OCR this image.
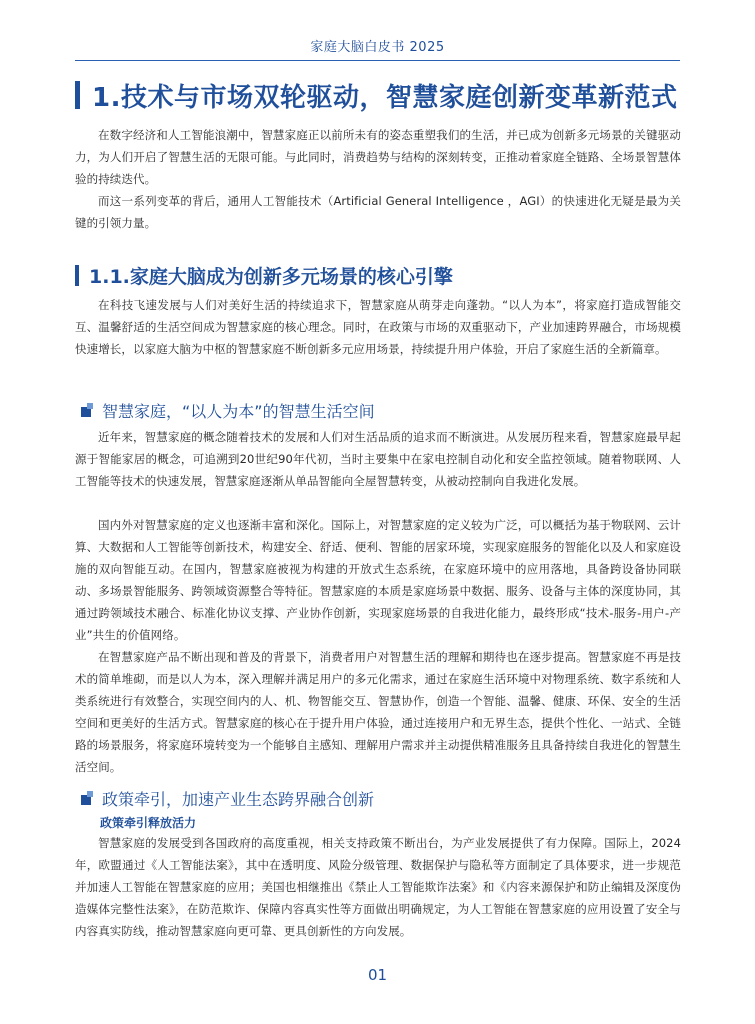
家庭大脑白皮书 2025
1.技术与市场双轮驱动，智慧家庭创新变革新范式

在数字经济和人工智能浪潮中，智慧家庭正以前所未有的姿态重塑我们的生活，并已成为创新多元场景的关键驱动力，为人们开启了智慧生活的无限可能。与此同时，消费趋势与结构的深刻转变，正推动着家庭全链路、全场景智慧体验的持续迭代。

而这一系列变革的背后，通用人工智能技术（Artificial General Intelligence ，AGI）的快速进化无疑是最为关键的引领力量。

1.1.家庭大脑成为创新多元场景的核心引擎

在科技飞速发展与人们对美好生活的持续追求下，智慧家庭从萌芽走向蓬勃。“以人为本”，将家庭打造成智能交互、温馨舒适的生活空间成为智慧家庭的核心理念。同时，在政策与市场的双重驱动下，产业加速跨界融合，市场规模快速增长，以家庭大脑为中枢的智慧家庭不断创新多元应用场景，持续提升用户体验，开启了家庭生活的全新篇章。

智慧家庭，“以人为本”的智慧生活空间

近年来，智慧家庭的概念随着技术的发展和人们对生活品质的追求而不断演进。从发展历程来看，智慧家庭最早起源于智能家居的概念，可追溯到20世纪90年代初，当时主要集中在家电控制自动化和安全监控领域。随着物联网、人工智能等技术的快速发展，智慧家庭逐渐从单品智能向全屋智慧转变，从被动控制向自我进化发展。

国内外对智慧家庭的定义也逐渐丰富和深化。国际上，对智慧家庭的定义较为广泛，可以概括为基于物联网、云计算、大数据和人工智能等创新技术，构建安全、舒适、便利、智能的居家环境，实现家庭服务的智能化以及人和家庭设施的双向智能互动。在国内，智慧家庭被视为构建的开放式生态系统，在家庭环境中的应用落地，具备跨设备协同联动、多场景智能服务、跨领域资源整合等特征。智慧家庭的本质是家庭场景中数据、服务、设备与主体的深度协同，其通过跨领域技术融合、标准化协议支撑、产业协作创新，实现家庭场景的自我进化能力，最终形成“技术-服务-用户-产业”共生的价值网络。

在智慧家庭产品不断出现和普及的背景下，消费者用户对智慧生活的理解和期待也在逐步提高。智慧家庭不再是技术的简单堆砌，而是以人为本，深入理解并满足用户的多元化需求，通过在家庭生活环境中对物理系统、数字系统和人类系统进行有效整合，实现空间内的人、机、物智能交互、智慧协作，创造一个智能、温馨、健康、环保、安全的生活空间和更美好的生活方式。智慧家庭的核心在于提升用户体验，通过连接用户和无界生态，提供个性化、一站式、全链路的场景服务，将家庭环境转变为一个能够自主感知、理解用户需求并主动提供精准服务且具备持续自我进化的智慧生活空间。

政策牵引，加速产业生态跨界融合创新
政策牵引释放活力

智慧家庭的发展受到各国政府的高度重视，相关支持政策不断出台，为产业发展提供了有力保障。国际上，2024年，欧盟通过《人工智能法案》，其中在透明度、风险分级管理、数据保护与隐私等方面制定了具体要求，进一步规范并加速人工智能在智慧家庭的应用；美国也相继推出《禁止人工智能欺诈法案》和《内容来源保护和防止编辑及深度伪造媒体完整性法案》，在防范欺诈、保障内容真实性等方面做出明确规定，为人工智能在智慧家庭的应用设置了安全与内容真实防线，推动智慧家庭向更可靠、更具创新性的方向发展。

01
